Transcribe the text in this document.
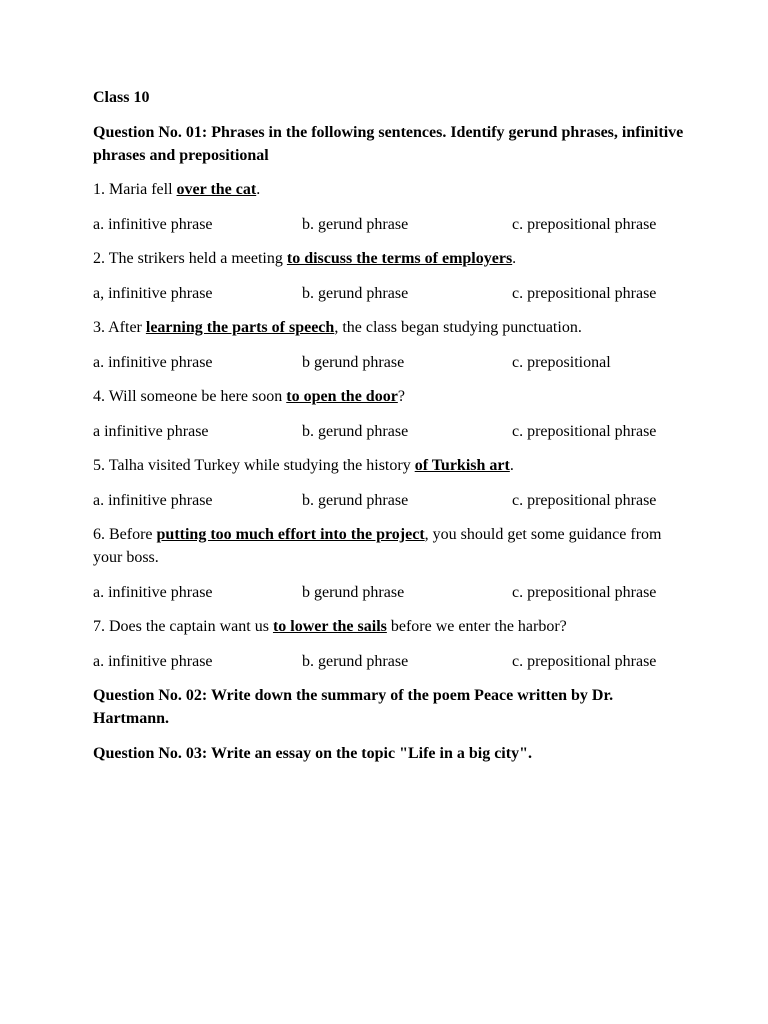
Class 10
Question No. 01: Phrases in the following sentences. Identify gerund phrases, infinitive phrases and prepositional
1. Maria fell over the cat.
a. infinitive phrase	b. gerund phrase	c. prepositional phrase
2. The strikers held a meeting to discuss the terms of employers.
a, infinitive phrase	b. gerund phrase	c. prepositional phrase
3. After learning the parts of speech, the class began studying punctuation.
a. infinitive phrase	b gerund phrase	c. prepositional
4. Will someone be here soon to open the door?
a infinitive phrase	b. gerund phrase	c. prepositional phrase
5. Talha visited Turkey while studying the history of Turkish art.
a. infinitive phrase	b. gerund phrase	c. prepositional phrase
6. Before putting too much effort into the project, you should get some guidance from your boss.
a. infinitive phrase	b gerund phrase	c. prepositional phrase
7. Does the captain want us to lower the sails before we enter the harbor?
a. infinitive phrase	b. gerund phrase	c. prepositional phrase
Question No. 02: Write down the summary of the poem Peace written by Dr. Hartmann.
Question No. 03: Write an essay on the topic "Life in a big city".
